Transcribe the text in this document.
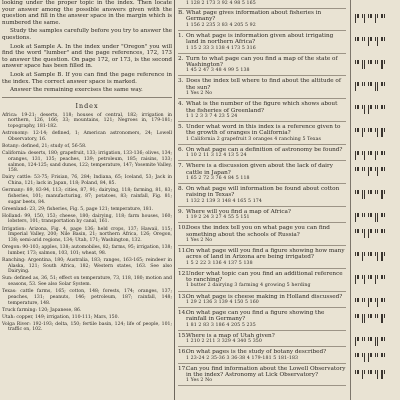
looking under the proper topic in the index. Then locate your answer among the possible answers given with the question and fill in the answer space in the margin which is numbered the same.

Study the samples carefully before you try to answer the questions.

Look at Sample A. In the index under "Oregon" you will find the word "lumber" and the page references, 172, 173 to answer the question. On page 172, or 173, is the second answer space has been filled in.

Look at Sample B. If you can find the page reference in the index. The correct answer space is marked.

Answer the remaining exercises the same way.

Index
Africa: 19-21; deserts, 118; houses of central, 182; irrigation in northern, 126, 166; 33; mountains, 121; Negroes in, 179-181; topography, 181-182.
Astronomy: 12-14; defined, 1; American astronomers, 24; Lowell Observatory, 16.
Botany: defined, 21; study of, 56-58.
California: deserts, 180; grapefruit, 133; irrigation, 133-136; olives, 134; oranges, 131, 135; peaches, 139; petroleum, 185; raisins, 133; salmon, 124-125; sand dunes, 122; temperature, 147; Yosemite Valley, 158.
Dairy cattle: 53-75; Frisian, 76, 284; Indiana, 65; Iceland, 53; Jack in China, 121; lack in Japan, 118; Poland, 84, 85.
Germany: 89, 83-94, 113; cities, 87, 91; dairying, 118; farming, 81, 83; fisheries, 101; manufacturing, 87; potatoes, 83; rainfall, Fig. 81; sugar beets, 84.
Greenland: 23, 29; fisheries, Fig. 5, page 121; temperature, 181.
Holland: 99, 150, 153; cheese, 180; dairying, 118; farm houses, 160; lobsters, 101; transportation by canal, 161.
Irrigation: Arizona, Fig. 4, page 136; held crops, 137; Hawaii, 115; Imperial Valley, 200; Nile Basin, 21; northern Africa, 126; Oregon, 138; semi-arid regions, 134; Utah, 171; Washington, 132.
Oregon: 90-103; apples, 138; automobiles, 82; farms, 95; irrigation, 138; lumber, 173; salmon, 103, 101; wheat, 98.
Ranching: Argentina, 180; Australia, 183; ranges, 163-165; reindeer in Alaska, 121; South Africa, 182; Western states, 163. See also Dairying.
Sun: defined as, 36, 51; effect on temperature, 73, 118, 180; motion and seasons, 53. See also Solar System.
Texas: cattle farms, 165; cotton, 148; forests, 174; oranges, 137; peaches, 131; peanuts, 146; petroleum, 187; rainfall, 148; temperature, 148.
Truck farming: 120; Japanese, 86.
Utah: copper, 149; irrigation, 110-111; Mars, 150.
Volga River: 192-193; delta, 150; fertile basin, 124; life of people, 101; traffic on, 102.
1 128 2 173 3 92 4 98 5 165
B. What page gives information about fisheries in Germany?
1 156 2 235 3 83 4 205 5 92
1. On what page is information given about irrigating land in northern Africa?
1 15 2 33 3 138 4 173 5 316
2. Turn to what page can you find a map of the state of Washington?
1 45 2 47 3 48 4 99 5 138
3. Does the index tell where to find about the altitude of the sun?
1 Yes 2 No
4. What is the number of the figure which shows about the fisheries of Greenland?
1 1 2 3 3 7 4 23 5 24
5. Under what word in this index is a reference given to the growth of oranges in California?
1 California 2 grapefruit 3 oranges 4 ranching 5 Texas
6. On what page can a definition of astronomy be found?
1 10 2 11 3 12 4 13 5 24
7. Where is a discussion given about the lack of dairy cattle in Japan?
1 65 2 72 3 76 4 84 5 118
8. On what page will information be found about cotton raising in Texas?
1 132 2 139 3 148 4 165 5 174
9. Where will you find a map of Africa?
1 19 2 24 3 27 4 55 5 151
10.
Does the index tell you on what page you can find something about the schools of Russia?
1 Yes 2 No
11.
On what page will you find a figure showing how many acres of land in Arizona are being irrigated?
1 5 2 22 3 136 4 137 5 138
12.
Under what topic can you find an additional reference to ranching?
1 butter 2 dairying 3 farming 4 growing 5 herding
13.
On what page is cheese making in Holland discussed?
1 29 2 136 3 139 4 150 5 160
14.
On what page can you find a figure showing the rainfall in Germany?
1 81 2 83 3 186 4 205 5 235
15.
Where is a map of Utah given?
1 210 2 211 3 329 4 340 5 350
16.
On what pages is the study of botany described?
1 23-24 2 35-36 3 36-38 4 179-181 5 181-183
17.
Can you find information about the Lowell Observatory in the index? Astronomy at Lick Observatory?
1 Yes 2 No
